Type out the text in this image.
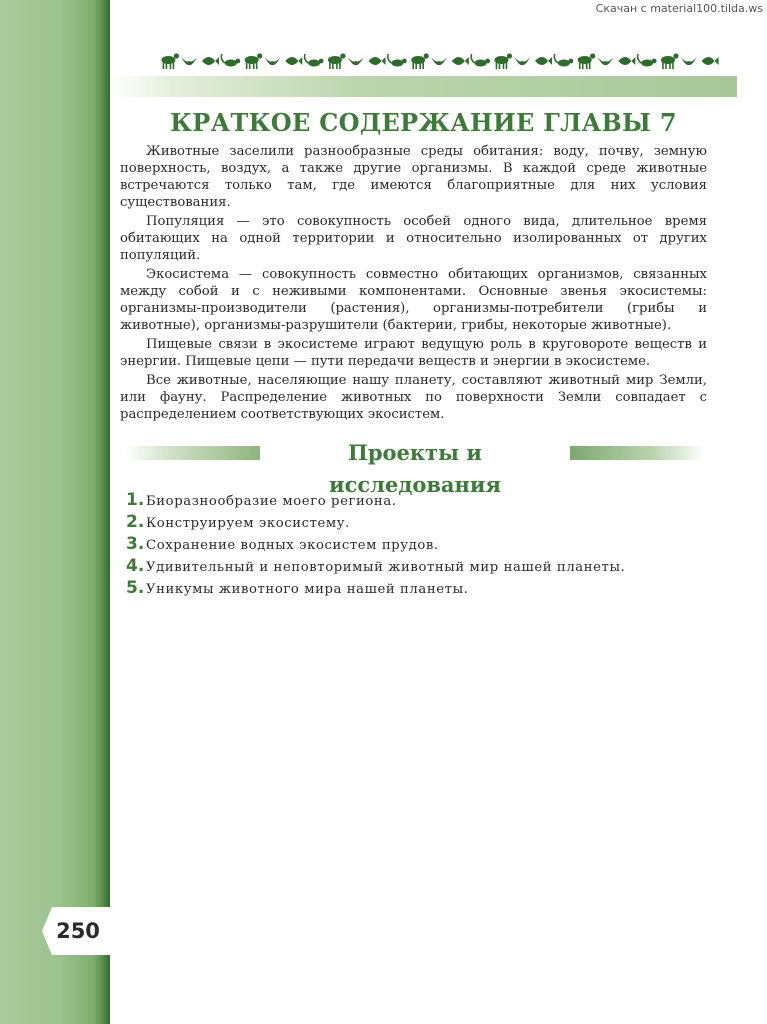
Скачан с material100.tilda.ws
КРАТКОЕ СОДЕРЖАНИЕ ГЛАВЫ 7

Животные заселили разнообразные среды обитания: воду, почву, земную поверхность, воздух, а также другие организмы. В каждой среде животные встречаются только там, где имеются благоприятные для них условия существования.

Популяция — это совокупность особей одного вида, длительное время обитающих на одной территории и относительно изолированных от других популяций.

Экосистема — совокупность совместно обитающих организмов, связанных между собой и с неживыми компонентами. Основные звенья экосистемы: организмы-производители (растения), организмы-потребители (грибы и животные), организмы-разрушители (бактерии, грибы, некоторые животные).

Пищевые связи в экосистеме играют ведущую роль в круговороте веществ и энергии. Пищевые цепи — пути передачи веществ и энергии в экосистеме.

Все животные, населяющие нашу планету, составляют животный мир Земли, или фауну. Распределение животных по поверхности Земли совпадает с распределением соответствующих экосистем.

Проекты и исследования
1. Биоразнообразие моего региона.
2. Конструируем экосистему.
3. Сохранение водных экосистем прудов.
4. Удивительный и неповторимый животный мир нашей планеты.
5. Уникумы животного мира нашей планеты.
250
